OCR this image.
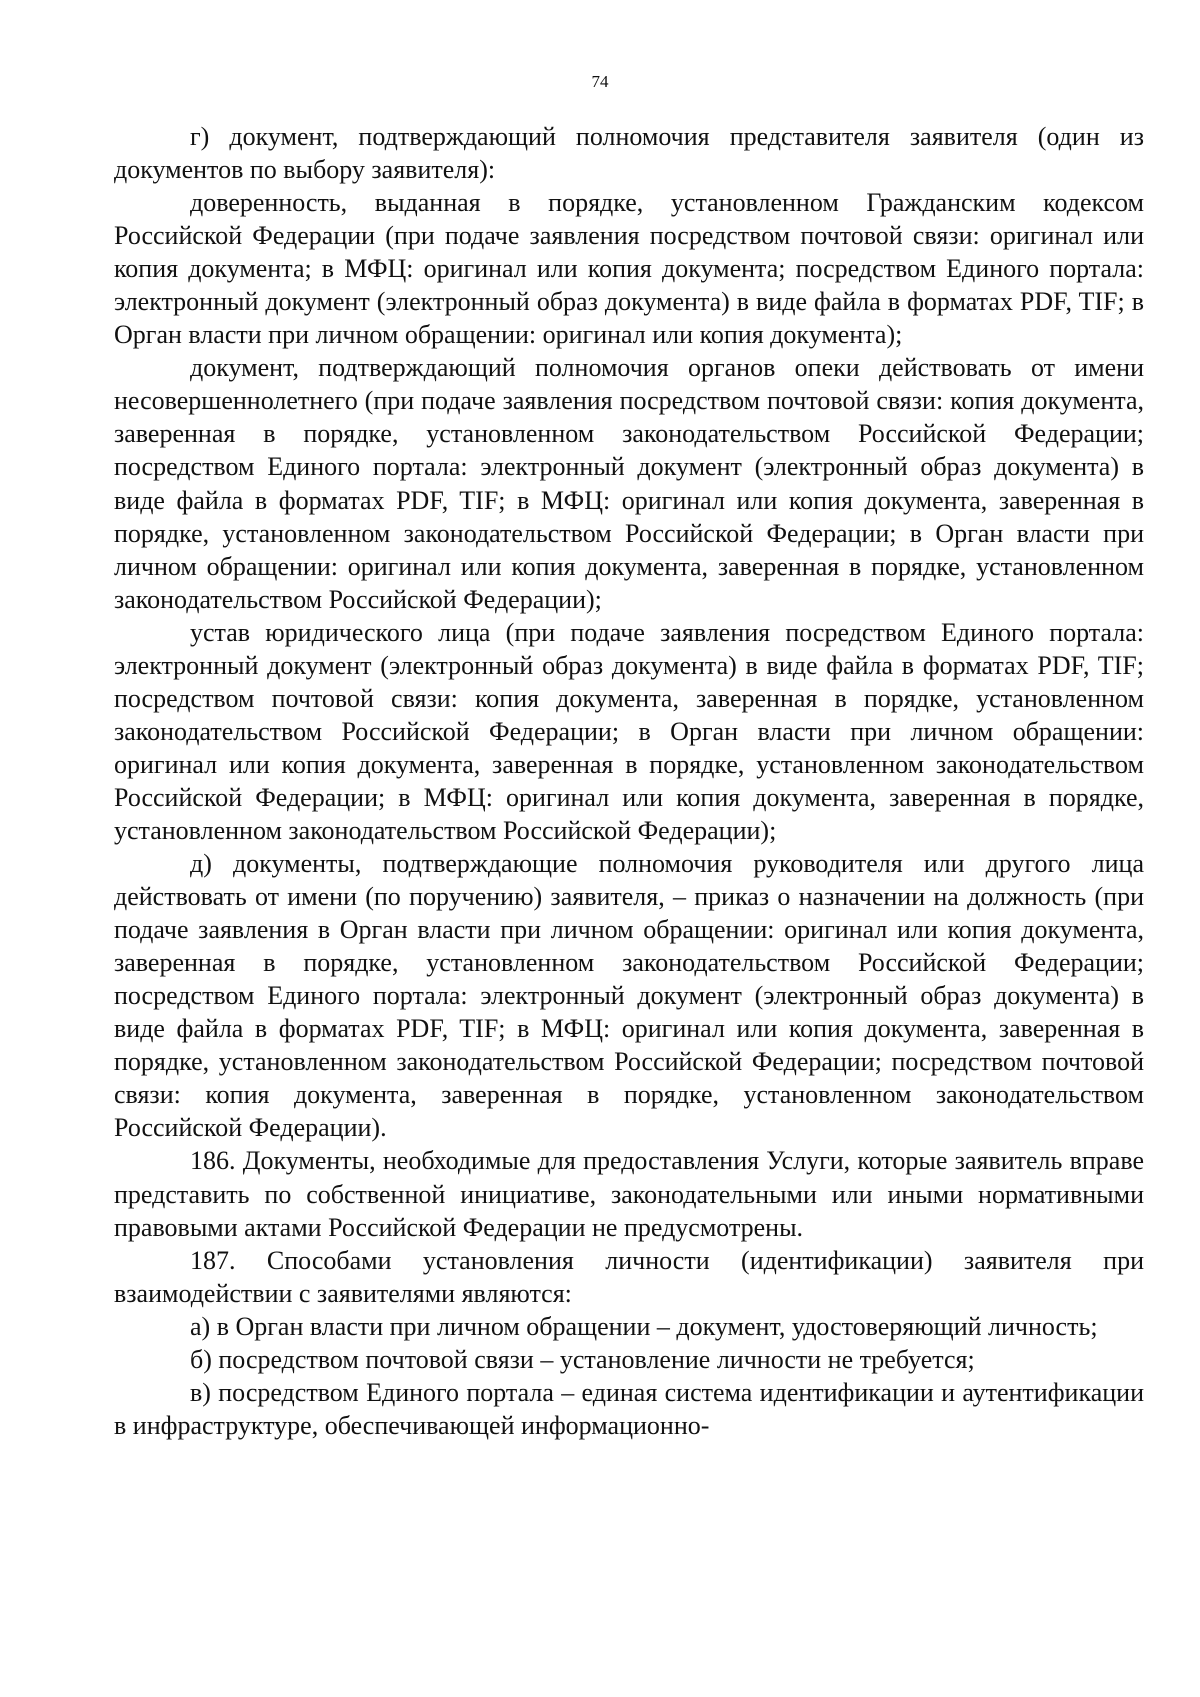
74

г) документ, подтверждающий полномочия представителя заявителя (один из документов по выбору заявителя):

доверенность, выданная в порядке, установленном Гражданским кодексом Российской Федерации (при подаче заявления посредством почтовой связи: оригинал или копия документа; в МФЦ: оригинал или копия документа; посредством Единого портала: электронный документ (электронный образ документа) в виде файла в форматах PDF, TIF; в Орган власти при личном обращении: оригинал или копия документа);

документ, подтверждающий полномочия органов опеки действовать от имени несовершеннолетнего (при подаче заявления посредством почтовой связи: копия документа, заверенная в порядке, установленном законодательством Российской Федерации; посредством Единого портала: электронный документ (электронный образ документа) в виде файла в форматах PDF, TIF; в МФЦ: оригинал или копия документа, заверенная в порядке, установленном законодательством Российской Федерации; в Орган власти при личном обращении: оригинал или копия документа, заверенная в порядке, установленном законодательством Российской Федерации);

устав юридического лица (при подаче заявления посредством Единого портала: электронный документ (электронный образ документа) в виде файла в форматах PDF, TIF; посредством почтовой связи: копия документа, заверенная в порядке, установленном законодательством Российской Федерации; в Орган власти при личном обращении: оригинал или копия документа, заверенная в порядке, установленном законодательством Российской Федерации; в МФЦ: оригинал или копия документа, заверенная в порядке, установленном законодательством Российской Федерации);

д) документы, подтверждающие полномочия руководителя или другого лица действовать от имени (по поручению) заявителя, – приказ о назначении на должность (при подаче заявления в Орган власти при личном обращении: оригинал или копия документа, заверенная в порядке, установленном законодательством Российской Федерации; посредством Единого портала: электронный документ (электронный образ документа) в виде файла в форматах PDF, TIF; в МФЦ: оригинал или копия документа, заверенная в порядке, установленном законодательством Российской Федерации; посредством почтовой связи: копия документа, заверенная в порядке, установленном законодательством Российской Федерации).

186. Документы, необходимые для предоставления Услуги, которые заявитель вправе представить по собственной инициативе, законодательными или иными нормативными правовыми актами Российской Федерации не предусмотрены.

187. Способами установления личности (идентификации) заявителя при взаимодействии с заявителями являются:

а) в Орган власти при личном обращении – документ, удостоверяющий личность;

б) посредством почтовой связи – установление личности не требуется;

в) посредством Единого портала – единая система идентификации и аутентификации в инфраструктуре, обеспечивающей информационно-
